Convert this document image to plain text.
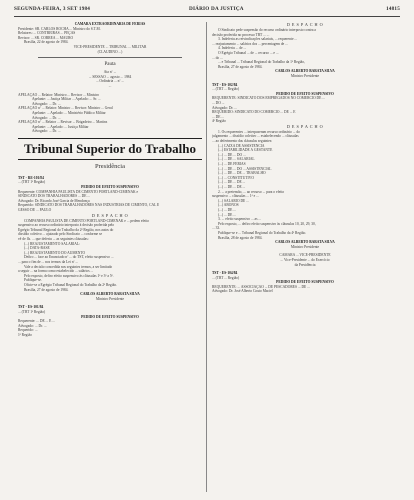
SEGUNDA-FEIRA, 3 SET 1984	DIÁRIO DA JUSTIÇA	14815
CÂMARA EXTRAORDINÁRIA DE FÉRIAS
Presidente: SR. CARLOS ROCHA ... Ministro do S.T.M.
Relatores: ... CONTREIRAS ... PEÇAS
Revisor: ... SR. CORRÊA ... MAURO
Brasília, 22 de agosto de 1984.
VICE-PRESIDENTE ... TRIBUNAL ... MILITAR
(CLAUDINO ...)
Pauta
Ata nº ...
... SESSÃO ... agosto ... 1984
... Ordinária ... nº ...
...
APELAÇÃO ... Relator: Ministro ... Revisor ... Ministro
Apelante: ... Justiça Militar ... Apelado: ... Sr. ...
Advogado: ... Dr. ...
APELAÇÃO nº ... Relator: Ministro ... Revisor: Ministro ... Geral
Apelante: ... Apelado: ... Ministério Público Militar
Advogado: ... Dr. ...
APELAÇÃO nº ... Relator ... Revisor ... Brigadeiro ... Martins
Apelante: ... Apelado: ... Justiça Militar
Advogado: ... Dr. ...
Tribunal Superior do Trabalho
Presidência
TST - RE-101/84
... (TRT 1ª Região)
PEDIDO DE EFEITO SUSPENSIVO
Requerente: COMPANHIA PAULISTA DE CIMENTO PORTLAND-CIMENAK e
SINDICATO DOS TRABALHADORES ... DE ...
Advogado: Dr. Ricardo José Garcia de Mendonça
Requerido: SINDICATO DOS TRABALHADORES NAS INDÚSTRIAS DE CIMENTO, CAL E
GESSO DE ... PAULO
D E S P A C H O
COMPANHIA PAULISTA DE CIMENTO PORTLAND-CIMENAK e ... pedem efeito
suspensivo ao recurso ordinário interposto à decisão proferida pelo
Egrégio Tribunal Regional do Trabalho da 2ª Região, nos autos do
dissídio coletivo ... ajuizado pelo Sindicato ... conforme se
vê de fls. ... que deferiu ... as seguintes cláusulas:
(...) REAJUSTAMENTO SALARIAL:
(...) DATA-BASE
(...) REAJUSTAMENTO DO AUMENTO
Defiro ... face ao Enunciado nº ... do TST, efeito suspensivo ...
... para o fim de ... nos termos da Lei nº ...
Vale a decisão concedida nos seguintes termos, a ser limitado
a seguir ... na forma como estabelecido ... salários ...
Pelo exposto, defiro efeito suspensivo às cláusulas 1ª e 3ª a 5ª.
Publique-se.
Oficie-se a Egrégio Tribunal Regional do Trabalho da 2ª Região.
Brasília, 27 de agosto de 1984.
CARLOS ALBERTO BARATA SILVA
Ministro Presidente
TST - ES-101/84
... (TRT 1ª Região)
PEDIDO DE EFEITO SUSPENSIVO
Requerente: ... DE ... E ...
Advogado: ... Dr. ...
Requerido: ...
1ª Região
D E S P A C H O
O Sindicato pede suspensão do recurso ordinário interposto contra a
decisão proferida no processo TRT ... ...
3. Indeferiu as reivindicações salariais, ... requerente ...
... reajustamento ... salários dos ... percentagem de ...
4. Indeferiu ... de ...
O Egrégio Tribunal ... de ... recurso ... e ...
... do ...
... e Tribunal ... Tribunal Regional do Trabalho da 1ª Região,
Brasília, 27 de agosto de 1984.
CARLOS ALBERTO BARATA SILVA
Ministro Presidente
TST - ES-102/84
... (TRT ... Região)
PEDIDO DE EFEITO SUSPENSIVO
REQUERENTE: SINDICATO DOS EMPREGADOS NO COMÉRCIO DE ...
... DO ...
Advogado: Dr. ...
REQUERIDO: SINDICATO DO COMÉRCIO ... DE ... E
... DE ...
4ª Região
D E S P A C H O
1. Os requerentes ... interpuseram recurso ordinário ... do
julgamento ... dissídio coletivo ... estabelecendo ... cláusulas
... ao deferimento das cláusulas seguintes:
(...) CAIXA DE ASSISTÊNCIA
(...) ESTABILIDADE À GESTANTE
(...) ... DE ... DO ...
(...) ... DE ... SALARIAL
(...) ... DE FÉRIAS
(...) ... DE ... DO ... ASSISTENCIAL
(...) ... DE ... DE ... TRABALHO
(...) ... CONSTITUTIVO
(...) ... DE ... DE ...
(...) ... DE ... DE ...
2. ... a pretensão, ... ao recurso ... para o efeito
suspensivo ... cláusulas ... 1ª e ...
(...) SALÁRIO DE ...
(...) ABONOS
(...) ... DE ...
(...) ... DE ...
3. ... efeito suspensivo ... as ...
Pelo exposto, ... defiro efeito suspensivo às cláusulas 10, 20, 29, 30,
... 33.
Publique-se e ... Tribunal Regional do Trabalho da 4ª Região.
Brasília, 28 de agosto de 1984.
CARLOS ALBERTO BARATA SILVA
Ministro Presidente
CÂMARA ... VICE-PRESIDENTE
... Vice-Presidente ... do Exercício
da Presidência
TST - ES-104/84
... (TRT ... Região)
PEDIDO DE EFEITO SUSPENSIVO
REQUERENTE: ... ASSOCIAÇÃO ... DE PESCADORES ... DE ...
Advogado: Dr. José Alberto Couto Maciel
